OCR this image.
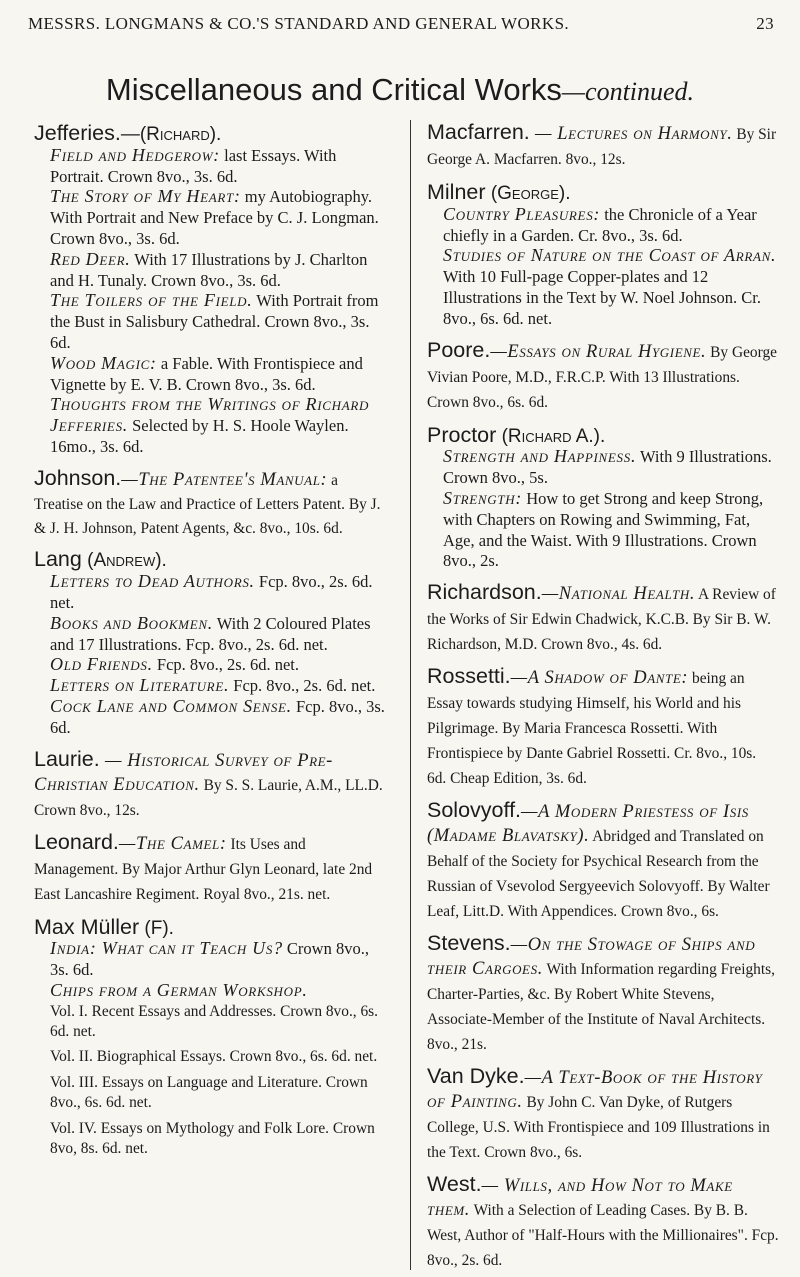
MESSRS. LONGMANS & CO.'S STANDARD AND GENERAL WORKS.	23
Miscellaneous and Critical Works—continued.
Jefferies.—(Richard).
Field and Hedgerow: last Essays. With Portrait. Crown 8vo., 3s. 6d.
The Story of My Heart: my Autobiography. With Portrait and New Preface by C. J. Longman. Crown 8vo., 3s. 6d.
Red Deer. With 17 Illustrations by J. Charlton and H. Tunaly. Crown 8vo., 3s. 6d.
The Toilers of the Field. With Portrait from the Bust in Salisbury Cathedral. Crown 8vo., 3s. 6d.
Wood Magic: a Fable. With Frontispiece and Vignette by E. V. B. Crown 8vo., 3s. 6d.
Thoughts from the Writings of Richard Jefferies. Selected by H. S. Hoole Waylen. 16mo., 3s. 6d.
Johnson.—The Patentee's Manual: a Treatise on the Law and Practice of Letters Patent. By J. & J. H. Johnson, Patent Agents, &c. 8vo., 10s. 6d.
Lang (Andrew).
Letters to Dead Authors. Fcp. 8vo., 2s. 6d. net.
Books and Bookmen. With 2 Coloured Plates and 17 Illustrations. Fcp. 8vo., 2s. 6d. net.
Old Friends. Fcp. 8vo., 2s. 6d. net.
Letters on Literature. Fcp. 8vo., 2s. 6d. net.
Cock Lane and Common Sense. Fcp. 8vo., 3s. 6d.
Laurie. — Historical Survey of Pre-Christian Education. By S. S. Laurie, A.M., LL.D. Crown 8vo., 12s.
Leonard.—The Camel: Its Uses and Management. By Major Arthur Glyn Leonard, late 2nd East Lancashire Regiment. Royal 8vo., 21s. net.
Max Müller (F).
India: What can it Teach Us? Crown 8vo., 3s. 6d.
Chips from a German Workshop.
Vol. I. Recent Essays and Addresses. Crown 8vo., 6s. 6d. net.
Vol. II. Biographical Essays. Crown 8vo., 6s. 6d. net.
Vol. III. Essays on Language and Literature. Crown 8vo., 6s. 6d. net.
Vol. IV. Essays on Mythology and Folk Lore. Crown 8vo, 8s. 6d. net.
Macfarren. — Lectures on Harmony. By Sir George A. Macfarren. 8vo., 12s.
Milner (George).
Country Pleasures: the Chronicle of a Year chiefly in a Garden. Cr. 8vo., 3s. 6d.
Studies of Nature on the Coast of Arran. With 10 Full-page Copper-plates and 12 Illustrations in the Text by W. Noel Johnson. Cr. 8vo., 6s. 6d. net.
Poore.—Essays on Rural Hygiene. By George Vivian Poore, M.D., F.R.C.P. With 13 Illustrations. Crown 8vo., 6s. 6d.
Proctor (Richard A.).
Strength and Happiness. With 9 Illustrations. Crown 8vo., 5s.
Strength: How to get Strong and keep Strong, with Chapters on Rowing and Swimming, Fat, Age, and the Waist. With 9 Illustrations. Crown 8vo., 2s.
Richardson.—National Health. A Review of the Works of Sir Edwin Chadwick, K.C.B. By Sir B. W. Richardson, M.D. Crown 8vo., 4s. 6d.
Rossetti.—A Shadow of Dante: being an Essay towards studying Himself, his World and his Pilgrimage. By Maria Francesca Rossetti. With Frontispiece by Dante Gabriel Rossetti. Cr. 8vo., 10s. 6d. Cheap Edition, 3s. 6d.
Solovyoff.—A Modern Priestess of Isis (Madame Blavatsky). Abridged and Translated on Behalf of the Society for Psychical Research from the Russian of Vsevolod Sergyeevich Solovyoff. By Walter Leaf, Litt.D. With Appendices. Crown 8vo., 6s.
Stevens.—On the Stowage of Ships and their Cargoes. With Information regarding Freights, Charter-Parties, &c. By Robert White Stevens, Associate-Member of the Institute of Naval Architects. 8vo., 21s.
Van Dyke.—A Text-Book of the History of Painting. By John C. Van Dyke, of Rutgers College, U.S. With Frontispiece and 109 Illustrations in the Text. Crown 8vo., 6s.
West.— Wills, and How Not to Make them. With a Selection of Leading Cases. By B. B. West, Author of "Half-Hours with the Millionaires". Fcp. 8vo., 2s. 6d.
